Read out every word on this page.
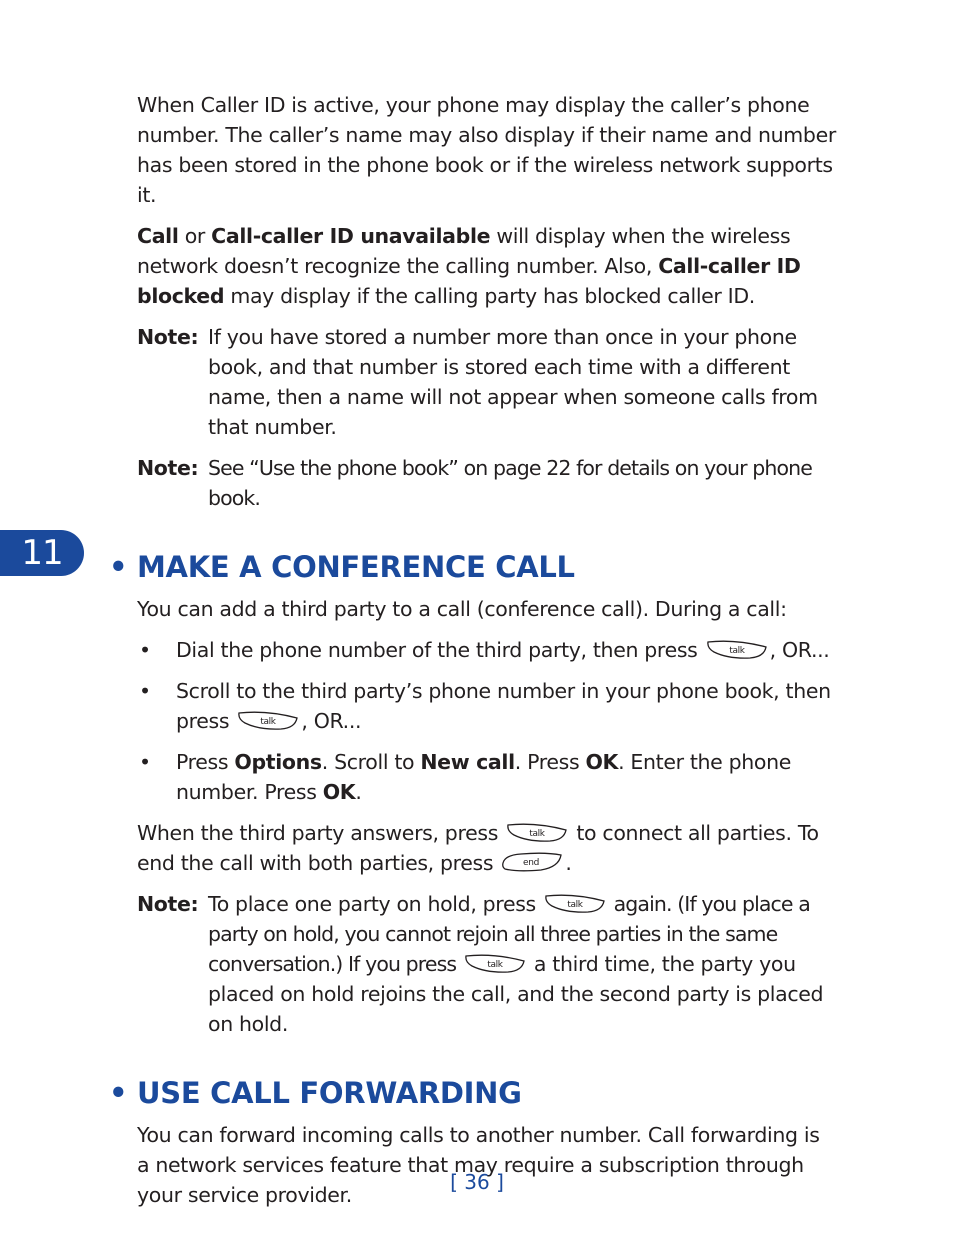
11

When Caller ID is active, your phone may display the caller’s phone number. The caller’s name may also display if their name and number has been stored in the phone book or if the wireless network supports it.

Call or Call-caller ID unavailable will display when the wireless network doesn’t recognize the calling number. Also, Call-caller ID blocked may display if the calling party has blocked caller ID.

Note: If you have stored a number more than once in your phone book, and that number is stored each time with a different name, then a name will not appear when someone calls from that number.
Note: See “Use the phone book” on page 22 for details on your phone book.
• MAKE A CONFERENCE CALL

You can add a third party to a call (conference call). During a call:

• Dial the phone number of the third party, then press	talk , OR...
• Scroll to the third party’s phone number in your phone book, then press	talk , OR...
• Press Options. Scroll to New call. Press OK. Enter the phone number. Press OK.

When the third party answers, press	talk to connect all parties. To end the call with both parties, press	end .

Note: To place one party on hold, press	talk again. (If you place a party on hold, you cannot rejoin all three parties in the same conversation.) If you press	talk a third time, the party you placed on hold rejoins the call, and the second party is placed on hold.
• USE CALL FORWARDING

You can forward incoming calls to another number. Call forwarding is a network services feature that may require a subscription through your service provider.

[ 36 ]
